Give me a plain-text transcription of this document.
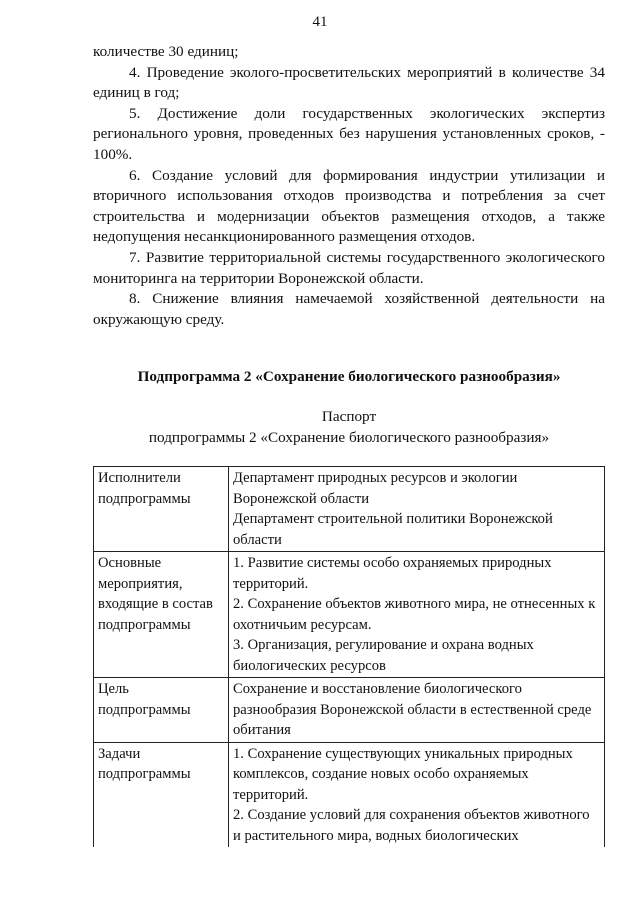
41

количестве 30 единиц;

4. Проведение эколого-просветительских мероприятий в количестве 34 единиц в год;

5. Достижение доли государственных экологических экспертиз регионального уровня, проведенных без нарушения установленных сроков, - 100%.

6. Создание условий для формирования индустрии утилизации и вторичного использования отходов производства и потребления за счет строительства и модернизации объектов размещения отходов, а также недопущения несанкционированного размещения отходов.

7. Развитие территориальной системы государственного экологического мониторинга на территории Воронежской области.

8. Снижение влияния намечаемой хозяйственной деятельности на окружающую среду.

Подпрограмма 2 «Сохранение биологического разнообразия»
Паспорт
подпрограммы 2 «Сохранение биологического разнообразия»
Исполнители подпрограммы	Департамент природных ресурсов и экологии Воронежской области
Департамент строительной политики Воронежской области

Основные мероприятия, входящие в состав подпрограммы	1. Развитие системы особо охраняемых природных территорий.
2. Сохранение объектов животного мира, не отнесенных к охотничьим ресурсам.
3. Организация, регулирование и охрана водных биологических ресурсов

Цель подпрограммы	Сохранение и восстановление биологического разнообразия Воронежской области в естественной среде обитания

Задачи подпрограммы	1. Сохранение существующих уникальных природных комплексов, создание новых особо охраняемых территорий.
2. Создание условий для сохранения объектов животного и растительного мира, водных биологических
